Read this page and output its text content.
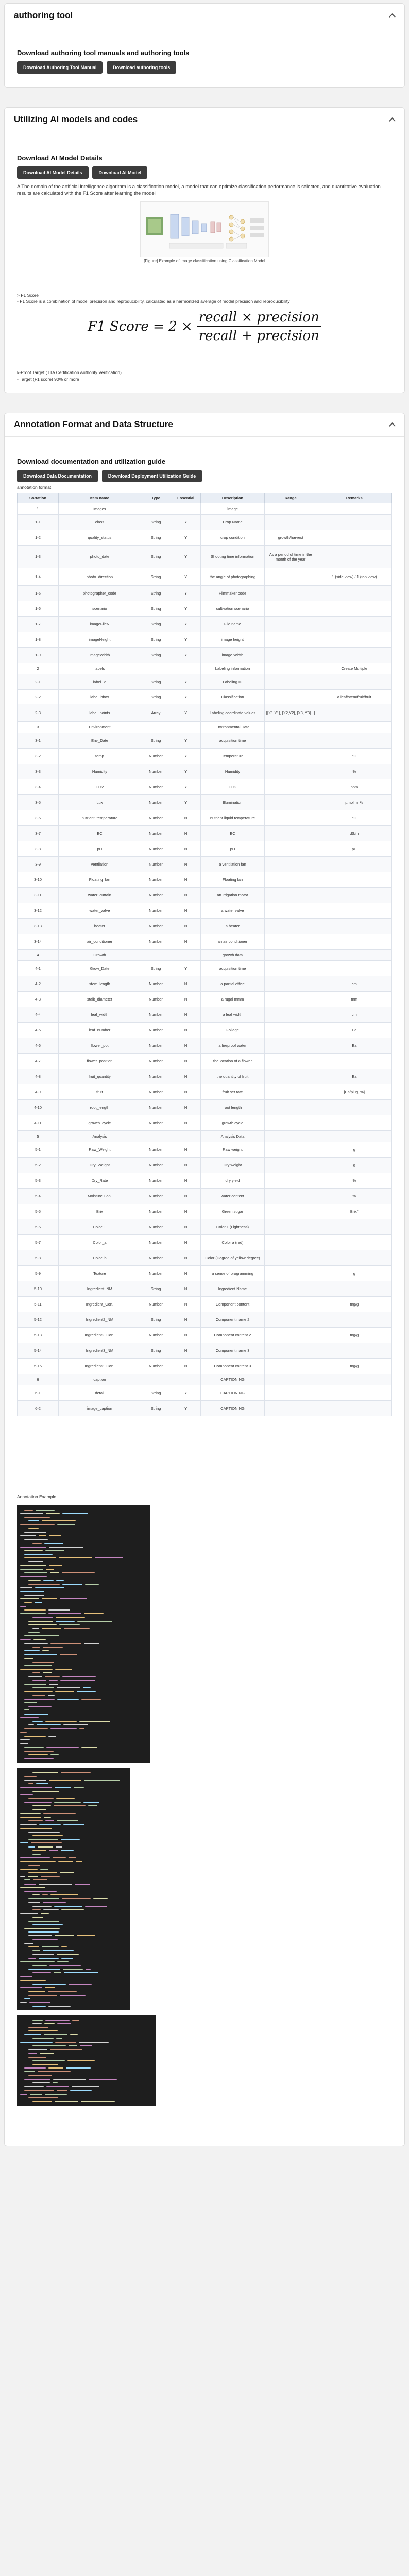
authoring tool
Download authoring tool manuals and authoring tools
Download Authoring Tool Manual	Download authoring tools
Utilizing AI models and codes
Download AI Model Details
Download AI Model Details	Download AI Model

A The domain of the artificial intelligence algorithm is a classification model, a model that can optimize classification performance is selected, and quantitative evaluation results are calculated with the F1 Score after learning the model

[Figure] Example of image classification using Classification Model

> F1 Score

- F1 Score is a combination of model precision and reproducibility, calculated as a harmonized average of model precision and reproducibility

F1 Score = $2 \times \frac{\text{recall × precision}}{\text{recall + precision}}$

k-Proof Target (TTA Certification Authority Verification)

- Target (F1 score) 90% or more

Annotation Format and Data Structure
Download documentation and utilization guide
Download Data Documentation	Download Deployment Utilization Guide

annotation format

Sortation	Item name	Type	Essential	Description	Range	Remarks
1	images			Image		
1-1	class	String	Y	Crop Name		
1-2	quality_status	String	Y	crop condition	growth/harvest	
1-3	photo_date	String	Y	Shooting time information	As a period of time in the month of the year	
1-4	photo_direction	String	Y	the angle of photographing		1 (side view) / 1 (top view)
1-5	photographer_code	String	Y	Filmmaker code		
1-6	scenario	String	Y	cultivation scenario		
1-7	imageFileN	String	Y	File name		
1-8	imageHeight	String	Y	image height		
1-9	imageWidth	String	Y	image Width		
2	labels			Labeling information		Create Multiple
2-1	label_id	String	Y	Labeling ID		
2-2	label_bbox	String	Y	Classification		a leaf/stem/fruit/fruit
2-3	label_points	Array	Y	Labeling coordinate values	[[X1,Y1], [X2,Y2], [X3, Y3]...]	
3	Environment			Environmental Data		
3-1	Env_Date	String	Y	acquisition time		
3-2	temp	Number	Y	Temperature		°C
3-3	Humidity	Number	Y	Humidity		%
3-4	CO2	Number	Y	CO2		ppm
3-5	Lux	Number	Y	Illumination		µmol m⁻²s
3-6	nutrient_temperature	Number	N	nutrient liquid temperature		°C
3-7	EC	Number	N	EC		dS/m
3-8	pH	Number	N	pH		pH
3-9	ventilation	Number	N	a ventilation fan		
3-10	Floating_fan	Number	N	Floating fan		
3-11	water_curtain	Number	N	an irrigation motor		
3-12	water_valve	Number	N	a water valve		
3-13	heater	Number	N	a heater		
3-14	air_conditioner	Number	N	an air conditioner		
4	Growth			growth data		
4-1	Grow_Date	String	Y	acquisition time		
4-2	stem_length	Number	N	a partial office		cm
4-3	stalk_diameter	Number	N	a rugal mmm		mm
4-4	leaf_width	Number	N	a leaf width		cm
4-5	leaf_number	Number	N	Foliage		Ea
4-6	flower_pot	Number	N	a fireproof water		Ea
4-7	flower_position	Number	N	the location of a flower		
4-8	fruit_quantity	Number	N	the quantity of fruit		Ea
4-9	fruit	Number	N	fruit set rate		[Ea/plug, %]
4-10	root_length	Number	N	root length		
4-11	growth_cycle	Number	N	growth cycle		
5	Analysis			Analysis Data		
5-1	Raw_Weight	Number	N	Raw weight		g
5-2	Dry_Weight	Number	N	Dry weight		g
5-3	Dry_Rate	Number	N	dry yield		%
5-4	Moisture Con.	Number	N	water content		%
5-5	Brix	Number	N	Green sugar		Brix°
5-6	Color_L	Number	N	Color L (Lightness)		
5-7	Color_a	Number	N	Color a (red)		
5-8	Color_b	Number	N	Color (Degree of yellow degree)		
5-9	Texture	Number	N	a sense of programming		g
5-10	Ingredient_NM	String	N	Ingredient Name		
5-11	Ingredient_Con.	Number	N	Component content		mg/g
5-12	Ingredient2_NM	String	N	Component name 2		
5-13	Ingredient2_Con.	Number	N	Component content 2		mg/g
5-14	Ingredient3_NM	String	N	Component name 3		
5-15	Ingredient3_Con.	Number	N	Component content 3		mg/g
6	caption			CAPTIONING		
6-1	detail	String	Y	CAPTIONING		
6-2	image_caption	String	Y	CAPTIONING		

Annotation Example
